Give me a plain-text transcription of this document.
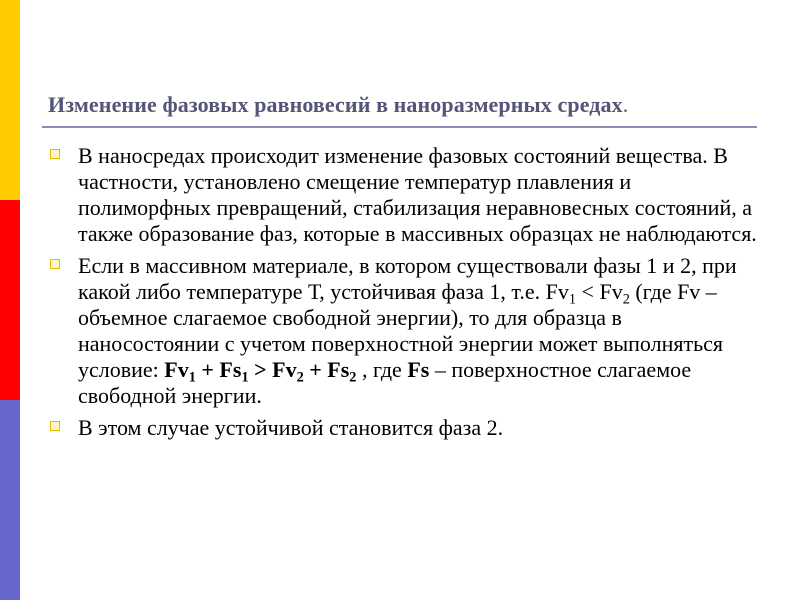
Изменение фазовых равновесий в наноразмерных средах.
В наносредах происходит изменение фазовых состояний вещества. В частности, установлено смещение температур плавления и полиморфных превращений, стабилизация неравновесных состояний, а также образование фаз, которые в массивных образцах не наблюдаются.
Если в массивном материале, в котором существовали фазы 1 и 2, при какой либо температуре Т, устойчивая фаза 1, т.е. $Fv_1 < Fv_2$ (где Fv – объемное слагаемое свободной энергии), то для образца в наносостоянии с учетом поверхностной энергии может выполняться условие: $Fv_1 + Fs_1 > Fv_2 + Fs_2$ , где Fs – поверхностное слагаемое свободной энергии.
В этом случае устойчивой становится фаза 2.
